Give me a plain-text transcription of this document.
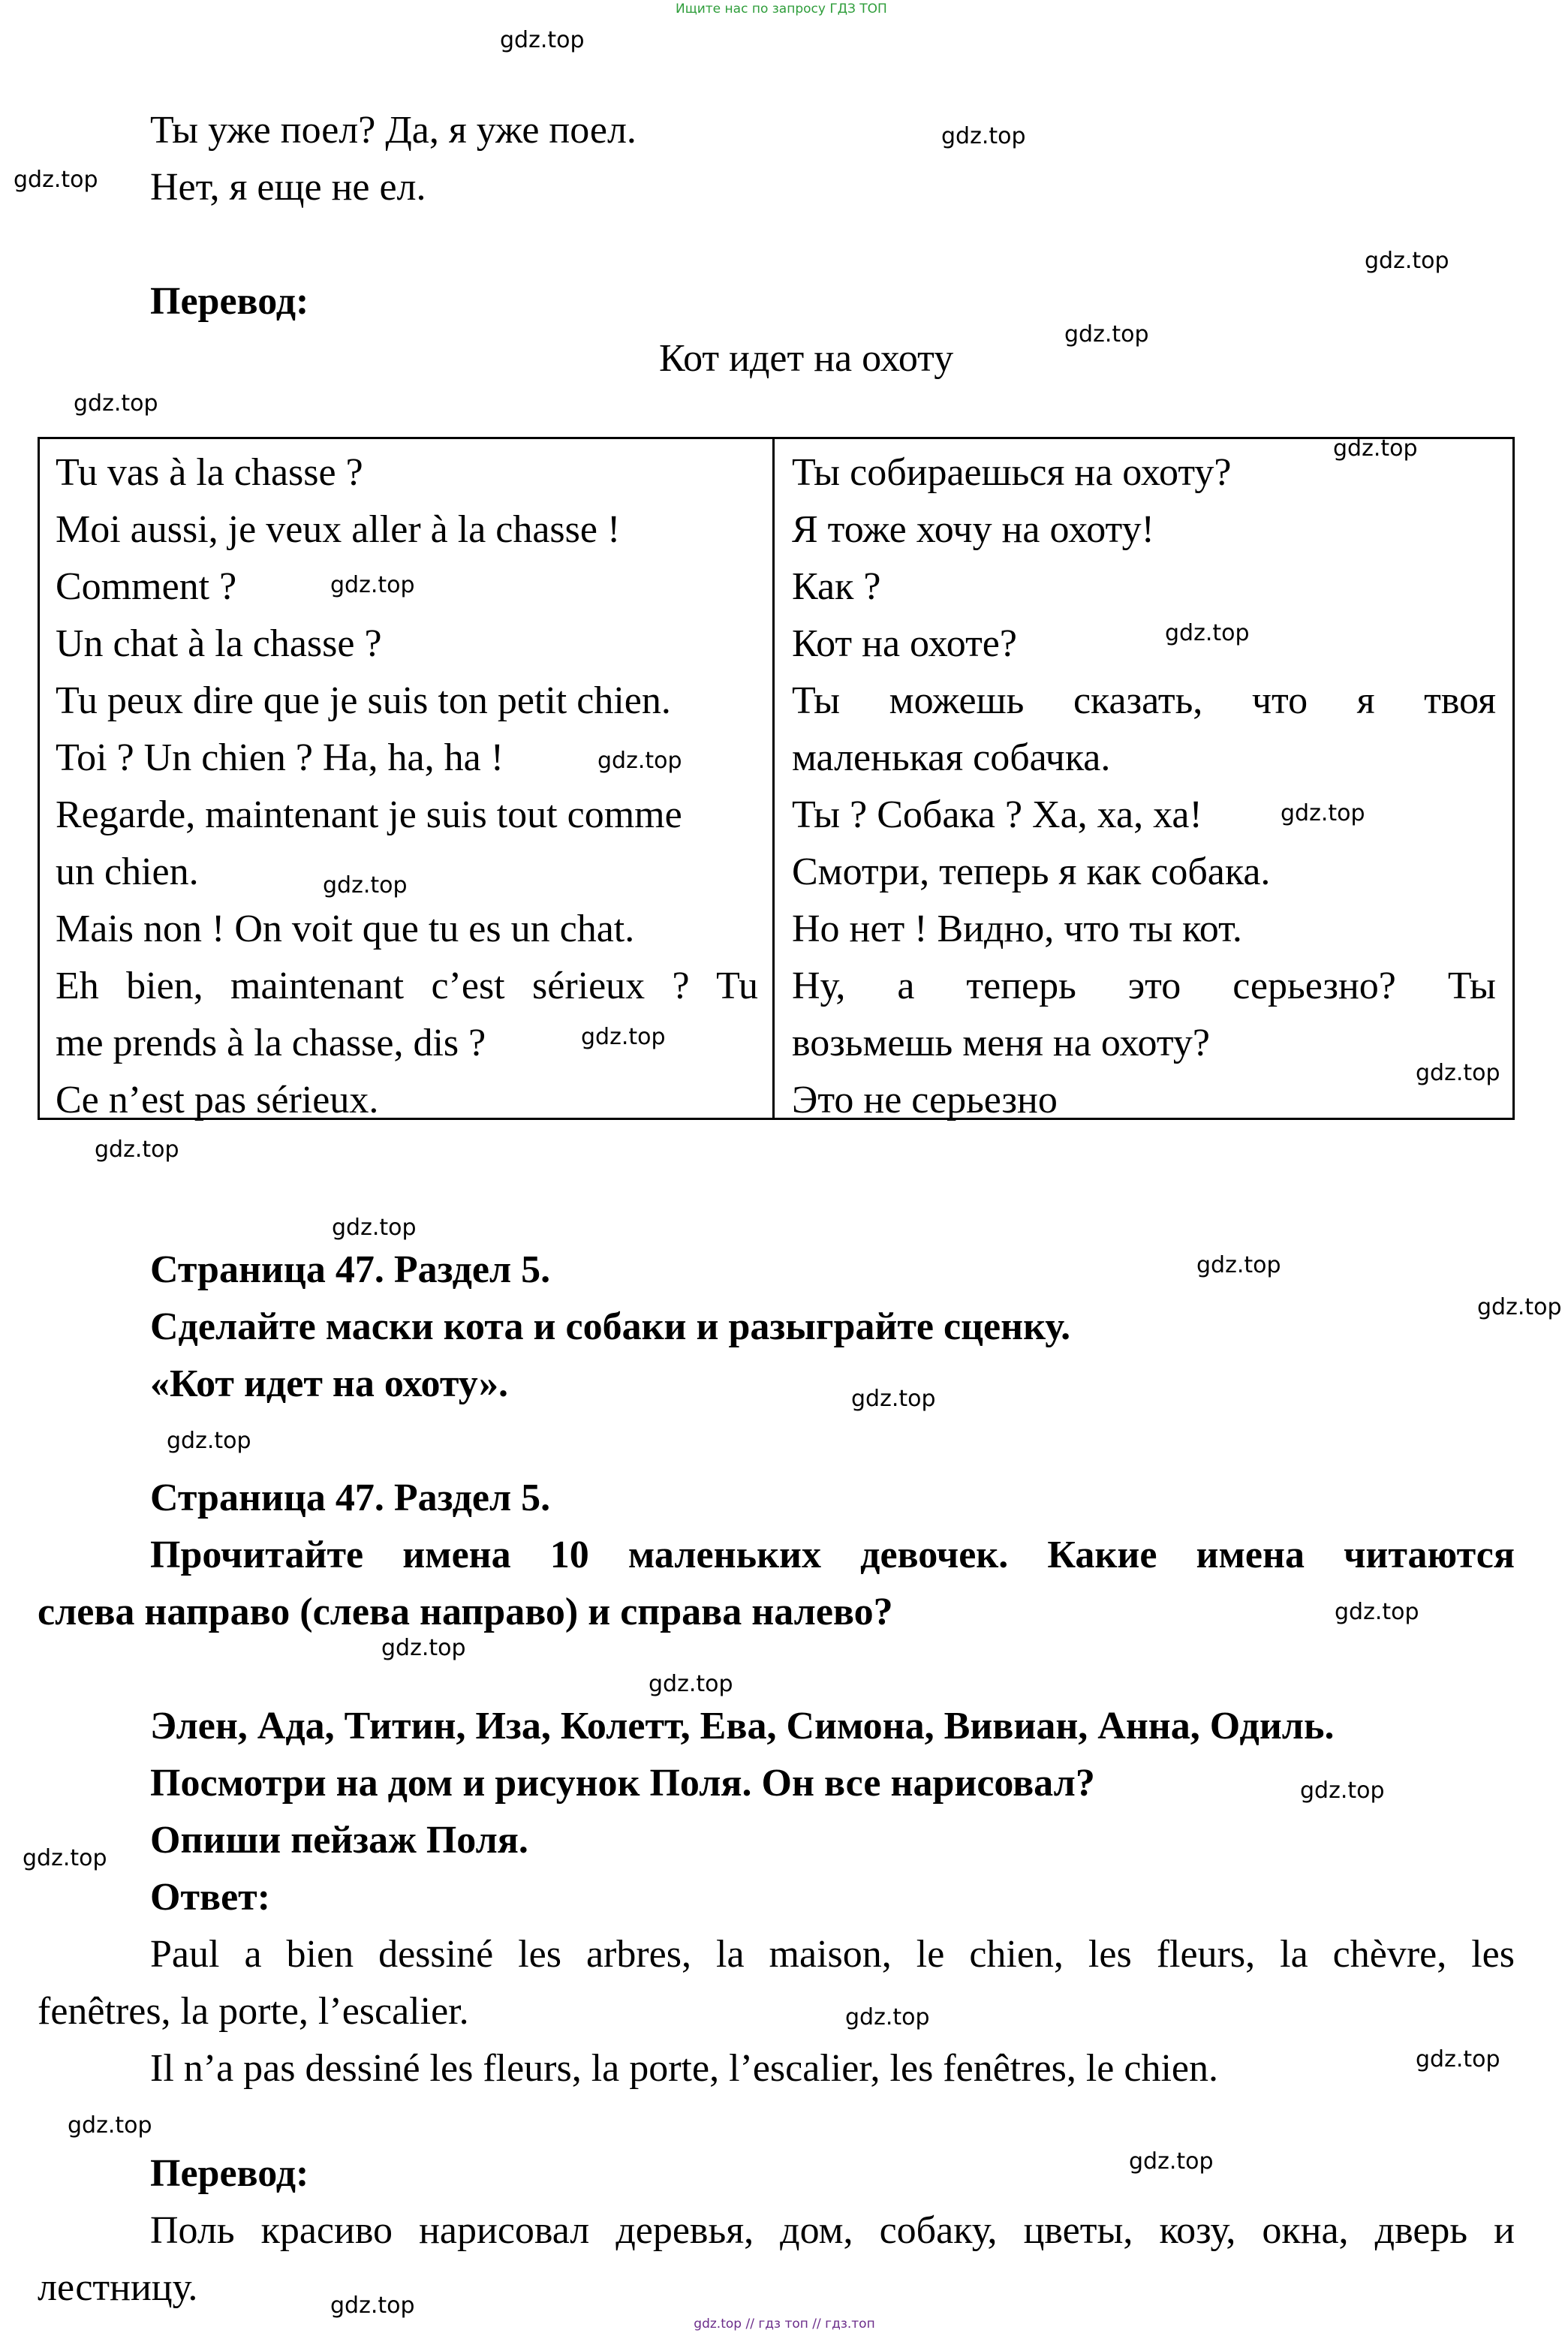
Ищите нас по запросу ГДЗ ТОП
gdz.top // гдз топ // гдз.топ
Ты уже поел? Да, я уже поел.
Нет, я еще не ел.
Перевод:
Кот идет на охоту
Tu vas à la chasse ?
Moi aussi, je veux aller à la chasse !
Comment ?
Un chat à la chasse ?
Tu peux dire que je suis ton petit chien.
Toi ? Un chien ? Ha, ha, ha !
Regarde, maintenant je suis tout comme
un chien.
Mais non ! On voit que tu es un chat.
Eh bien, maintenant c’est sérieux ? Tu
me prends à la chasse, dis ?
Ce n’est pas sérieux.
Ты собираешься на охоту?
Я тоже хочу на охоту!
Как ?
Кот на охоте?
Ты можешь сказать, что я твоя
маленькая собачка.
Ты ? Собака ? Ха, ха, ха!
Смотри, теперь я как собака.
Но нет ! Видно, что ты кот.
Ну, а теперь это серьезно? Ты
возьмешь меня на охоту?
Это не серьезно
Страница 47. Раздел 5.
Сделайте маски кота и собаки и разыграйте сценку.
«Кот идет на охоту».
Страница 47. Раздел 5.
Прочитайте имена 10 маленьких девочек. Какие имена читаются
слева направо (слева направо) и справа налево?
Элен, Ада, Титин, Иза, Колетт, Ева, Симона, Вивиан, Анна, Одиль.
Посмотри на дом и рисунок Поля. Он все нарисовал?
Опиши пейзаж Поля.
Ответ:
Paul a bien dessiné les arbres, la maison, le chien, les fleurs, la chèvre, les
fenêtres, la porte, l’escalier.
Il n’a pas dessiné les fleurs, la porte, l’escalier, les fenêtres, le chien.
Перевод:
Поль красиво нарисовал деревья, дом, собаку, цветы, козу, окна, дверь и
лестницу.
gdz.top
gdz.top
gdz.top
gdz.top
gdz.top
gdz.top
gdz.top
gdz.top
gdz.top
gdz.top
gdz.top
gdz.top
gdz.top
gdz.top
gdz.top
gdz.top
gdz.top
gdz.top
gdz.top
gdz.top
gdz.top
gdz.top
gdz.top
gdz.top
gdz.top
gdz.top
gdz.top
gdz.top
gdz.top
gdz.top
